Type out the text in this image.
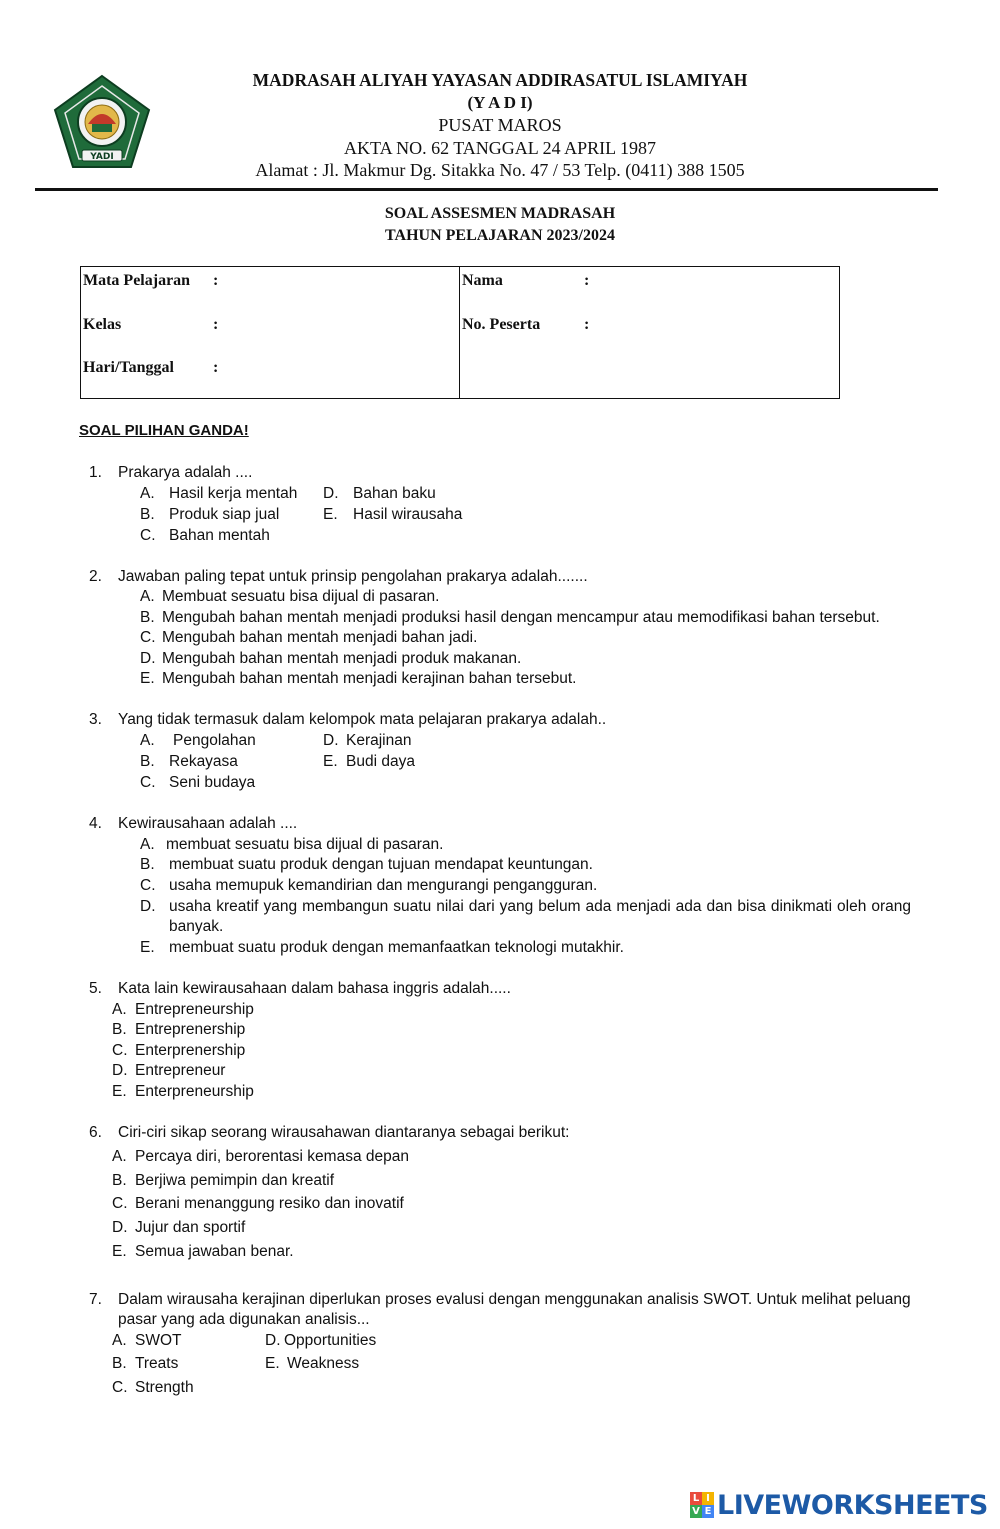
YADI
MADRASAH ALIYAH YAYASAN ADDIRASATUL ISLAMIYAH
(Y A D I)
PUSAT MAROS
AKTA NO. 62 TANGGAL 24 APRIL 1987
Alamat : Jl. Makmur Dg. Sitakka No. 47 / 53 Telp. (0411) 388 1505
SOAL ASSESMEN MADRASAH
TAHUN PELAJARAN 2023/2024
Mata Pelajaran :
Kelas	:
Hari/Tanggal :
Nama	:
No. Peserta	:
SOAL PILIHAN GANDA!
1. Prakarya adalah ....
A. Hasil kerja mentah
B. Produk siap jual
C. Bahan mentah
D. Bahan baku
E. Hasil wirausaha
2. Jawaban paling tepat untuk prinsip pengolahan prakarya adalah.......
A. Membuat sesuatu bisa dijual di pasaran.
B. Mengubah bahan mentah menjadi produksi hasil dengan mencampur atau memodifikasi bahan tersebut.
C. Mengubah bahan mentah menjadi bahan jadi.
D. Mengubah bahan mentah menjadi produk makanan.
E. Mengubah bahan mentah menjadi kerajinan bahan tersebut.
3. Yang tidak termasuk dalam kelompok mata pelajaran prakarya adalah..
A. Pengolahan
B. Rekayasa
C. Seni budaya
D. Kerajinan
E. Budi daya
4. Kewirausahaan adalah ....
A. membuat sesuatu bisa dijual di pasaran.
B. membuat suatu produk dengan tujuan mendapat keuntungan.
C. usaha memupuk kemandirian dan mengurangi pengangguran.
D. usaha kreatif yang membangun suatu nilai dari yang belum ada menjadi ada dan bisa dinikmati oleh orang
banyak.
E. membuat suatu produk dengan memanfaatkan teknologi mutakhir.
5. Kata lain kewirausahaan dalam bahasa inggris adalah.....
A. Entrepreneurship
B. Entreprenership
C. Enterprenership
D. Entrepreneur
E. Enterpreneurship
6. Ciri-ciri sikap seorang wirausahawan diantaranya sebagai berikut:
A. Percaya diri, berorentasi kemasa depan
B. Berjiwa pemimpin dan kreatif
C. Berani menanggung resiko dan inovatif
D. Jujur dan sportif
E. Semua jawaban benar.
7. Dalam wirausaha kerajinan diperlukan proses evalusi dengan menggunakan analisis SWOT. Untuk melihat peluang
pasar yang ada digunakan analisis...
A. SWOT
B. Treats
C. Strength
D. Opportunities
E. Weakness
L I
V E LIVEWORKSHEETS
